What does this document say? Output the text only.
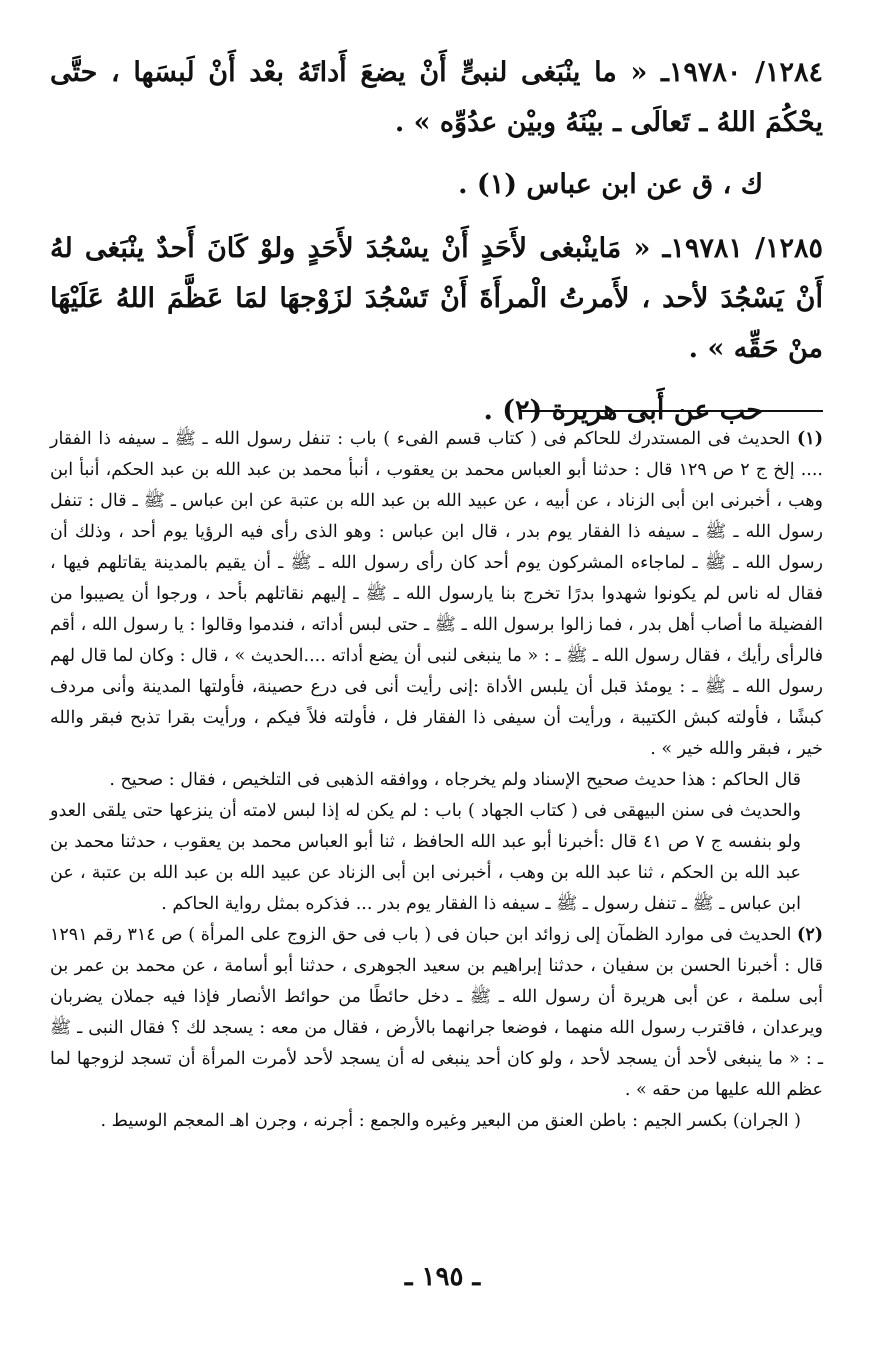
١٢٨٤/ ١٩٧٨٠ـ « ما ينْبَغى لنبىٍّ أَنْ يضعَ أَداتَهُ بعْد أَنْ لَبسَها ، حتَّى يحْكُمَ اللهُ ـ تَعالَى ـ بيْنَهُ وبيْن عدُوِّه » .

ك ، ق عن ابن عباس (١) .

١٢٨٥/ ١٩٧٨١ـ « مَاينْبغى لأَحَدٍ أَنْ يسْجُدَ لأَحَدٍ ولوْ كَانَ أَحدٌ ينْبَغى لهُ أَنْ يَسْجُدَ لأحد ، لأَمرتُ الْمرأَةَ أَنْ تَسْجُدَ لزَوْجهَا لمَا عَظَّمَ اللهُ عَلَيْهَا منْ حَقِّه » .

حب عن أَبى هريرة (٢) .

(١) الحديث فى المستدرك للحاكم فى ( كتاب قسم الفىء ) باب : تنفل رسول الله ـ ﷺ ـ سيفه ذا الفقار .... إلخ ج ٢ ص ١٢٩ قال : حدثنا أبو العباس محمد بن يعقوب ، أنبأ محمد بن عبد الله بن عبد الحكم، أنبأ ابن وهب ، أخبرنى ابن أبى الزناد ، عن أبيه ، عن عبيد الله بن عبد الله بن عتبة عن ابن عباس ـ ﷺ ـ قال : تنفل رسول الله ـ ﷺ ـ سيفه ذا الفقار يوم بدر ، قال ابن عباس : وهو الذى رأى فيه الرؤيا يوم أحد ، وذلك أن رسول الله ـ ﷺ ـ لماجاءه المشركون يوم أحد كان رأى رسول الله ـ ﷺ ـ أن يقيم بالمدينة يقاتلهم فيها ، فقال له ناس لم يكونوا شهدوا بدرًا تخرج بنا يارسول الله ـ ﷺ ـ إليهم نقاتلهم بأحد ، ورجوا أن يصيبوا من الفضيلة ما أصاب أهل بدر ، فما زالوا برسول الله ـ ﷺ ـ حتى لبس أداته ، فندموا وقالوا : يا رسول الله ، أقم فالرأى رأيك ، فقال رسول الله ـ ﷺ ـ : « ما ينبغى لنبى أن يضع أداته ....الحديث » ، قال : وكان لما قال لهم رسول الله ـ ﷺ ـ : يومئذ قبل أن يلبس الأداة :إنى رأيت أنى فى درع حصينة، فأولتها المدينة وأنى مردف كبشًا ، فأولته كبش الكتيبة ، ورأيت أن سيفى ذا الفقار فل ، فأولته فلاً فيكم ، ورأيت بقرا تذبح فبقر والله خير ، فبقر والله خير » .

قال الحاكم : هذا حديث صحيح الإسناد ولم يخرجاه ، ووافقه الذهبى فى التلخيص ، فقال : صحيح .

والحديث فى سنن البيهقى فى ( كتاب الجهاد ) باب : لم يكن له إذا لبس لامته أن ينزعها حتى يلقى العدو ولو بنفسه ج ٧ ص ٤١ قال :أخبرنا أبو عبد الله الحافظ ، ثنا أبو العباس محمد بن يعقوب ، حدثنا محمد بن عبد الله بن الحكم ، ثنا عبد الله بن وهب ، أخبرنى ابن أبى الزناد عن عبيد الله بن عبد الله بن عتبة ، عن ابن عباس ـ ﷺ ـ تنفل رسول ـ ﷺ ـ سيفه ذا الفقار يوم بدر ... فذكره بمثل رواية الحاكم .

(٢) الحديث فى موارد الظمآن إلى زوائد ابن حبان فى ( باب فى حق الزوج على المرأة ) ص ٣١٤ رقم ١٢٩١ قال : أخبرنا الحسن بن سفيان ، حدثنا إبراهيم بن سعيد الجوهرى ، حدثنا أبو أسامة ، عن محمد بن عمر بن أبى سلمة ، عن أبى هريرة أن رسول الله ـ ﷺ ـ دخل حائطًا من حوائط الأنصار فإذا فيه جملان يضربان ويرعدان ، فاقترب رسول الله منهما ، فوضعا جرانهما بالأرض ، فقال من معه : يسجد لك ؟ فقال النبى ـ ﷺ ـ : « ما ينبغى لأحد أن يسجد لأحد ، ولو كان أحد ينبغى له أن يسجد لأحد لأمرت المرأة أن تسجد لزوجها لما عظم الله عليها من حقه » .

( الجران) بكسر الجيم : باطن العنق من البعير وغيره والجمع : أجرنه ، وجرن اهـ المعجم الوسيط .

ـ ١٩٥ ـ
